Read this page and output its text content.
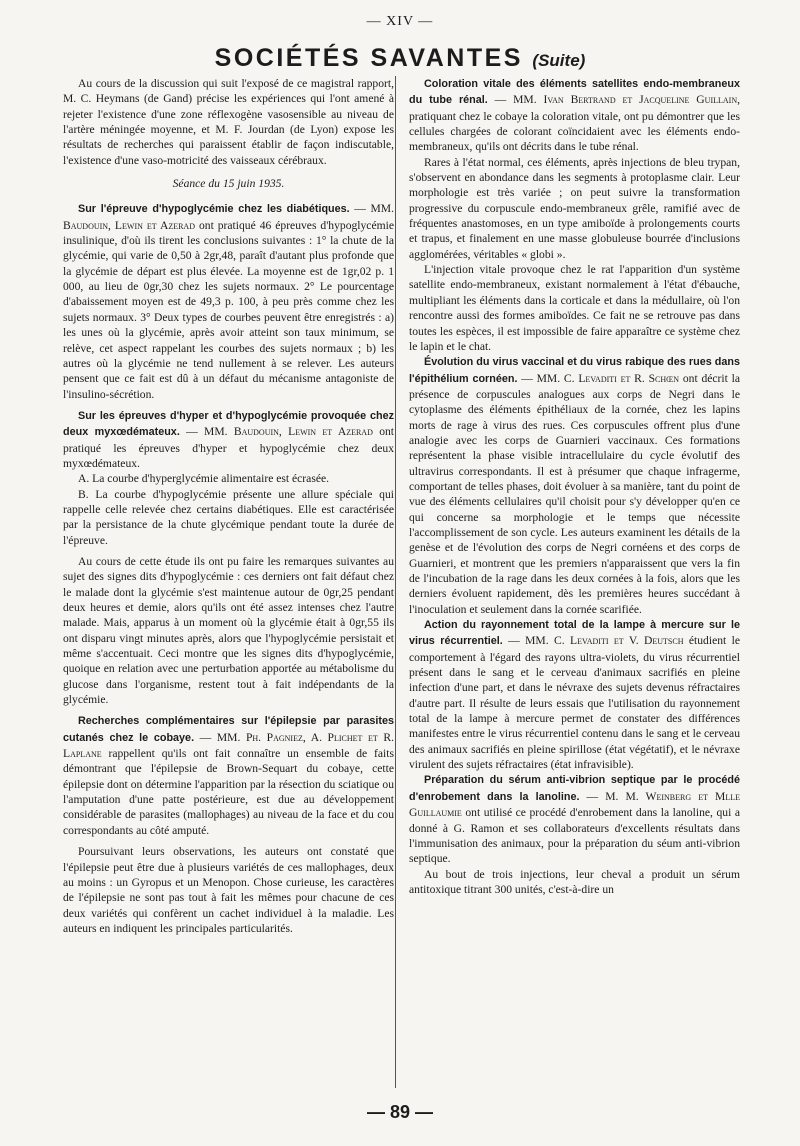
— XIV —
SOCIÉTÉS SAVANTES (Suite)

Au cours de la discussion qui suit l'exposé de ce magistral rapport, M. C. Heymans (de Gand) précise les expériences qui l'ont amené à rejeter l'existence d'une zone réflexogène vasosensible au niveau de l'artère méningée moyenne, et M. F. Jourdan (de Lyon) expose les résultats de recherches qui paraissent établir de façon indiscutable, l'existence d'une vaso-motricité des vaisseaux cérébraux.

Séance du 15 juin 1935.

Sur l'épreuve d'hypoglycémie chez les diabétiques. — MM. Baudouin, Lewin et Azerad ont pratiqué 46 épreuves d'hypoglycémie insulinique, d'où ils tirent les conclusions suivantes : 1° la chute de la glycémie, qui varie de 0,50 à 2gr,48, paraît d'autant plus profonde que la glycémie de départ est plus élevée. La moyenne est de 1gr,02 p. 1 000, au lieu de 0gr,30 chez les sujets normaux. 2° Le pourcentage d'abaissement moyen est de 49,3 p. 100, à peu près comme chez les sujets normaux. 3° Deux types de courbes peuvent être enregistrés : a) les unes où la glycémie, après avoir atteint son taux minimum, se relève, cet aspect rappelant les courbes des sujets normaux ; b) les autres où la glycémie ne tend nullement à se relever. Les auteurs pensent que ce fait est dû à un défaut du mécanisme antagoniste de l'insulino-sécrétion.

Sur les épreuves d'hyper et d'hypoglycémie provoquée chez deux myxœdémateux. — MM. Baudouin, Lewin et Azerad ont pratiqué les épreuves d'hyper et hypoglycémie chez deux myxœdémateux.

A. La courbe d'hyperglycémie alimentaire est écrasée.

B. La courbe d'hypoglycémie présente une allure spéciale qui rappelle celle relevée chez certains diabétiques. Elle est caractérisée par la persistance de la chute glycémique pendant toute la durée de l'épreuve.

Au cours de cette étude ils ont pu faire les remarques suivantes au sujet des signes dits d'hypoglycémie : ces derniers ont fait défaut chez le malade dont la glycémie s'est maintenue autour de 0gr,25 pendant deux heures et demie, alors qu'ils ont été assez intenses chez l'autre malade. Mais, apparus à un moment où la glycémie était à 0gr,55 ils ont disparu vingt minutes après, alors que l'hypoglycémie persistait et même s'accentuait. Ceci montre que les signes dits d'hypoglycémie, quoique en relation avec une perturbation apportée au métabolisme du glucose dans l'organisme, restent tout à fait indépendants de la glycémie.

Recherches complémentaires sur l'épilepsie par parasites cutanés chez le cobaye. — MM. Ph. Pagniez, A. Plichet et R. Laplane rappellent qu'ils ont fait connaître un ensemble de faits démontrant que l'épilepsie de Brown-Sequart du cobaye, cette épilepsie dont on détermine l'apparition par la résection du sciatique ou l'amputation d'une patte postérieure, est due au développement considérable de parasites (mallophages) au niveau de la face et du cou correspondants au côté amputé.

Poursuivant leurs observations, les auteurs ont constaté que l'épilepsie peut être due à plusieurs variétés de ces mallophages, deux au moins : un Gyropus et un Menopon. Chose curieuse, les caractères de l'épilepsie ne sont pas tout à fait les mêmes pour chacune de ces deux variétés qui confèrent un cachet individuel à la maladie. Les auteurs en indiquent les principales particularités.

Coloration vitale des éléments satellites endo-membraneux du tube rénal. — MM. Ivan Bertrand et Jacqueline Guillain, pratiquant chez le cobaye la coloration vitale, ont pu démontrer que les cellules chargées de colorant coïncidaient avec les éléments endo-membraneux, qu'ils ont décrits dans le tube rénal.

Rares à l'état normal, ces éléments, après injections de bleu trypan, s'observent en abondance dans les segments à protoplasme clair. Leur morphologie est très variée ; on peut suivre la transformation progressive du corpuscule endo-membraneux grêle, ramifié avec de fréquentes anastomoses, en un type amiboïde à prolongements courts et trapus, et finalement en une masse globuleuse bourrée d'inclusions agglomérées, véritables « globi ».

L'injection vitale provoque chez le rat l'apparition d'un système satellite endo-membraneux, existant normalement à l'état d'ébauche, multipliant les éléments dans la corticale et dans la médullaire, où l'on rencontre aussi des formes amiboïdes. Ce fait ne se retrouve pas dans toutes les espèces, il est impossible de faire apparaître ce système chez le lapin et le chat.

Évolution du virus vaccinal et du virus rabique des rues dans l'épithélium cornéen. — MM. C. Levaditi et R. Schœn ont décrit la présence de corpuscules analogues aux corps de Negri dans le cytoplasme des éléments épithéliaux de la cornée, chez les lapins morts de rage à virus des rues. Ces corpuscules offrent plus d'une analogie avec les corps de Guarnieri vaccinaux. Ces formations représentent la phase visible intracellulaire du cycle évolutif des ultravirus correspondants. Il est à présumer que chaque infragerme, comportant de telles phases, doit évoluer à sa manière, tant du point de vue des éléments cellulaires qu'il choisit pour s'y développer qu'en ce qui concerne sa morphologie et le temps que nécessite l'accomplissement de son cycle. Les auteurs examinent les détails de la genèse et de l'évolution des corps de Negri cornéens et des corps de Guarnieri, et montrent que les premiers n'apparaissent que vers la fin de l'incubation de la rage dans les deux cornées à la fois, alors que les derniers évoluent rapidement, dès les premières heures succédant à l'inoculation et seulement dans la cornée scarifiée.

Action du rayonnement total de la lampe à mercure sur le virus récurrentiel. — MM. C. Levaditi et V. Deutsch étudient le comportement à l'égard des rayons ultra-violets, du virus récurrentiel présent dans le sang et le cerveau d'animaux sacrifiés en pleine infection d'une part, et dans le névraxe des sujets devenus réfractaires d'autre part. Il résulte de leurs essais que l'utilisation du rayonnement total de la lampe à mercure permet de constater des différences manifestes entre le virus récurrentiel contenu dans le sang et le cerveau des animaux sacrifiés en pleine spirillose (état végétatif), et le névraxe virulent des sujets réfractaires (état infravisible).

Préparation du sérum anti-vibrion septique par le procédé d'enrobement dans la lanoline. — M. M. Weinberg et Mlle Guillaumie ont utilisé ce procédé d'enrobement dans la lanoline, qui a donné à G. Ramon et ses collaborateurs d'excellents résultats dans l'immunisation des animaux, pour la préparation du séum anti-vibrion septique.

Au bout de trois injections, leur cheval a produit un sérum antitoxique titrant 300 unités, c'est-à-dire un

— 89 —
